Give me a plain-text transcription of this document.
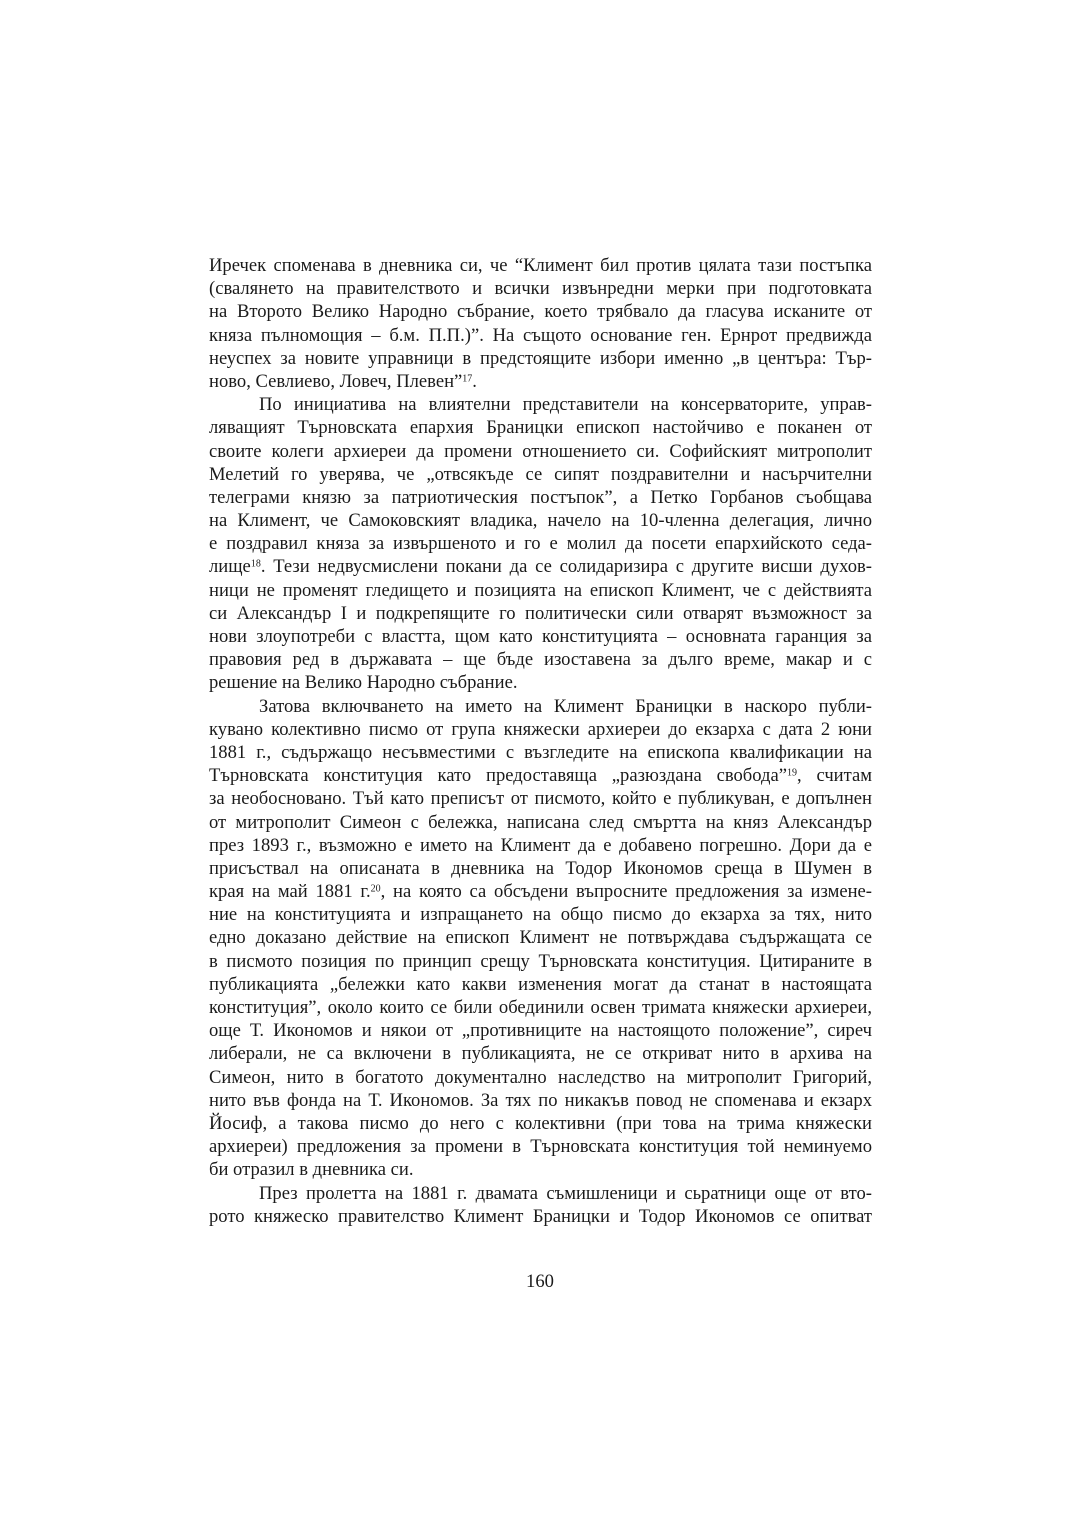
Иречек споменава в дневника си, че “Климент бил против цялата тази постъпка
(свалянето на правителството и всички извънредни мерки при подготовката
на Второто Велико Народно събрание, което трябвало да гласува исканите от
княза пълномощия – б.м. П.П.)”. На същото основание ген. Ернрот предвижда
неуспех за новите управници в предстоящите избори именно „в центъра: Тър-
ново, Севлиево, Ловеч, Плевен”$^{17}$.
По инициатива на влиятелни представители на консерваторите, управ-
ляващият Търновската епархия Браницки епископ настойчиво е поканен от
своите колеги архиереи да промени отношението си. Софийският митрополит
Мелетий го уверява, че „отвсякъде се сипят поздравителни и насърчителни
телеграми князю за патриотическия постъпок”, а Петко Горбанов съобщава
на Климент, че Самоковският владика, начело на 10-членна делегация, лично
е поздравил княза за извършеното и го е молил да посети епархийското седа-
лище$^{18}$. Тези недвусмислени покани да се солидаризира с другите висши духов-
ници не променят гледището и позицията на епископ Климент, че с действията
си Александър I и подкрепящите го политически сили отварят възможност за
нови злоупотреби с властта, щом като конституцията – основната гаранция за
правовия ред в държавата – ще бъде изоставена за дълго време, макар и с
решение на Велико Народно събрание.
Затова включването на името на Климент Браницки в наскоро публи-
кувано колективно писмо от група княжески архиереи до екзарха с дата 2 юни
1881 г., съдържащо несъвместими с възгледите на епископа квалификации на
Търновската конституция като предоставяща „разюздана свобода”$^{19}$, считам
за необосновано. Тъй като преписът от писмото, който е публикуван, е допълнен
от митрополит Симеон с бележка, написана след смъртта на княз Александър
през 1893 г., възможно е името на Климент да е добавено погрешно. Дори да е
присъствал на описаната в дневника на Тодор Икономов среща в Шумен в
края на май 1881 г.$^{20}$, на която са обсъдени въпросните предложения за измене-
ние на конституцията и изпращането на общо писмо до екзарха за тях, нито
едно доказано действие на епископ Климент не потвърждава съдържащата се
в писмото позиция по принцип срещу Търновската конституция. Цитираните в
публикацията „бележки като какви изменения могат да станат в настоящата
конституция”, около които се били обединили освен тримата княжески архиереи,
още Т. Икономов и някои от „противниците на настоящото положение”, сиреч
либерали, не са включени в публикацията, не се откриват нито в архива на
Симеон, нито в богатото документално наследство на митрополит Григорий,
нито във фонда на Т. Икономов. За тях по никакъв повод не споменава и екзарх
Йосиф, а такова писмо до него с колективни (при това на трима княжески
архиереи) предложения за промени в Търновската конституция той неминуемо
би отразил в дневника си.
През пролетта на 1881 г. двамата съмишленици и сьратници още от вто-
рото княжеско правителство Климент Браницки и Тодор Икономов се опитват
160
